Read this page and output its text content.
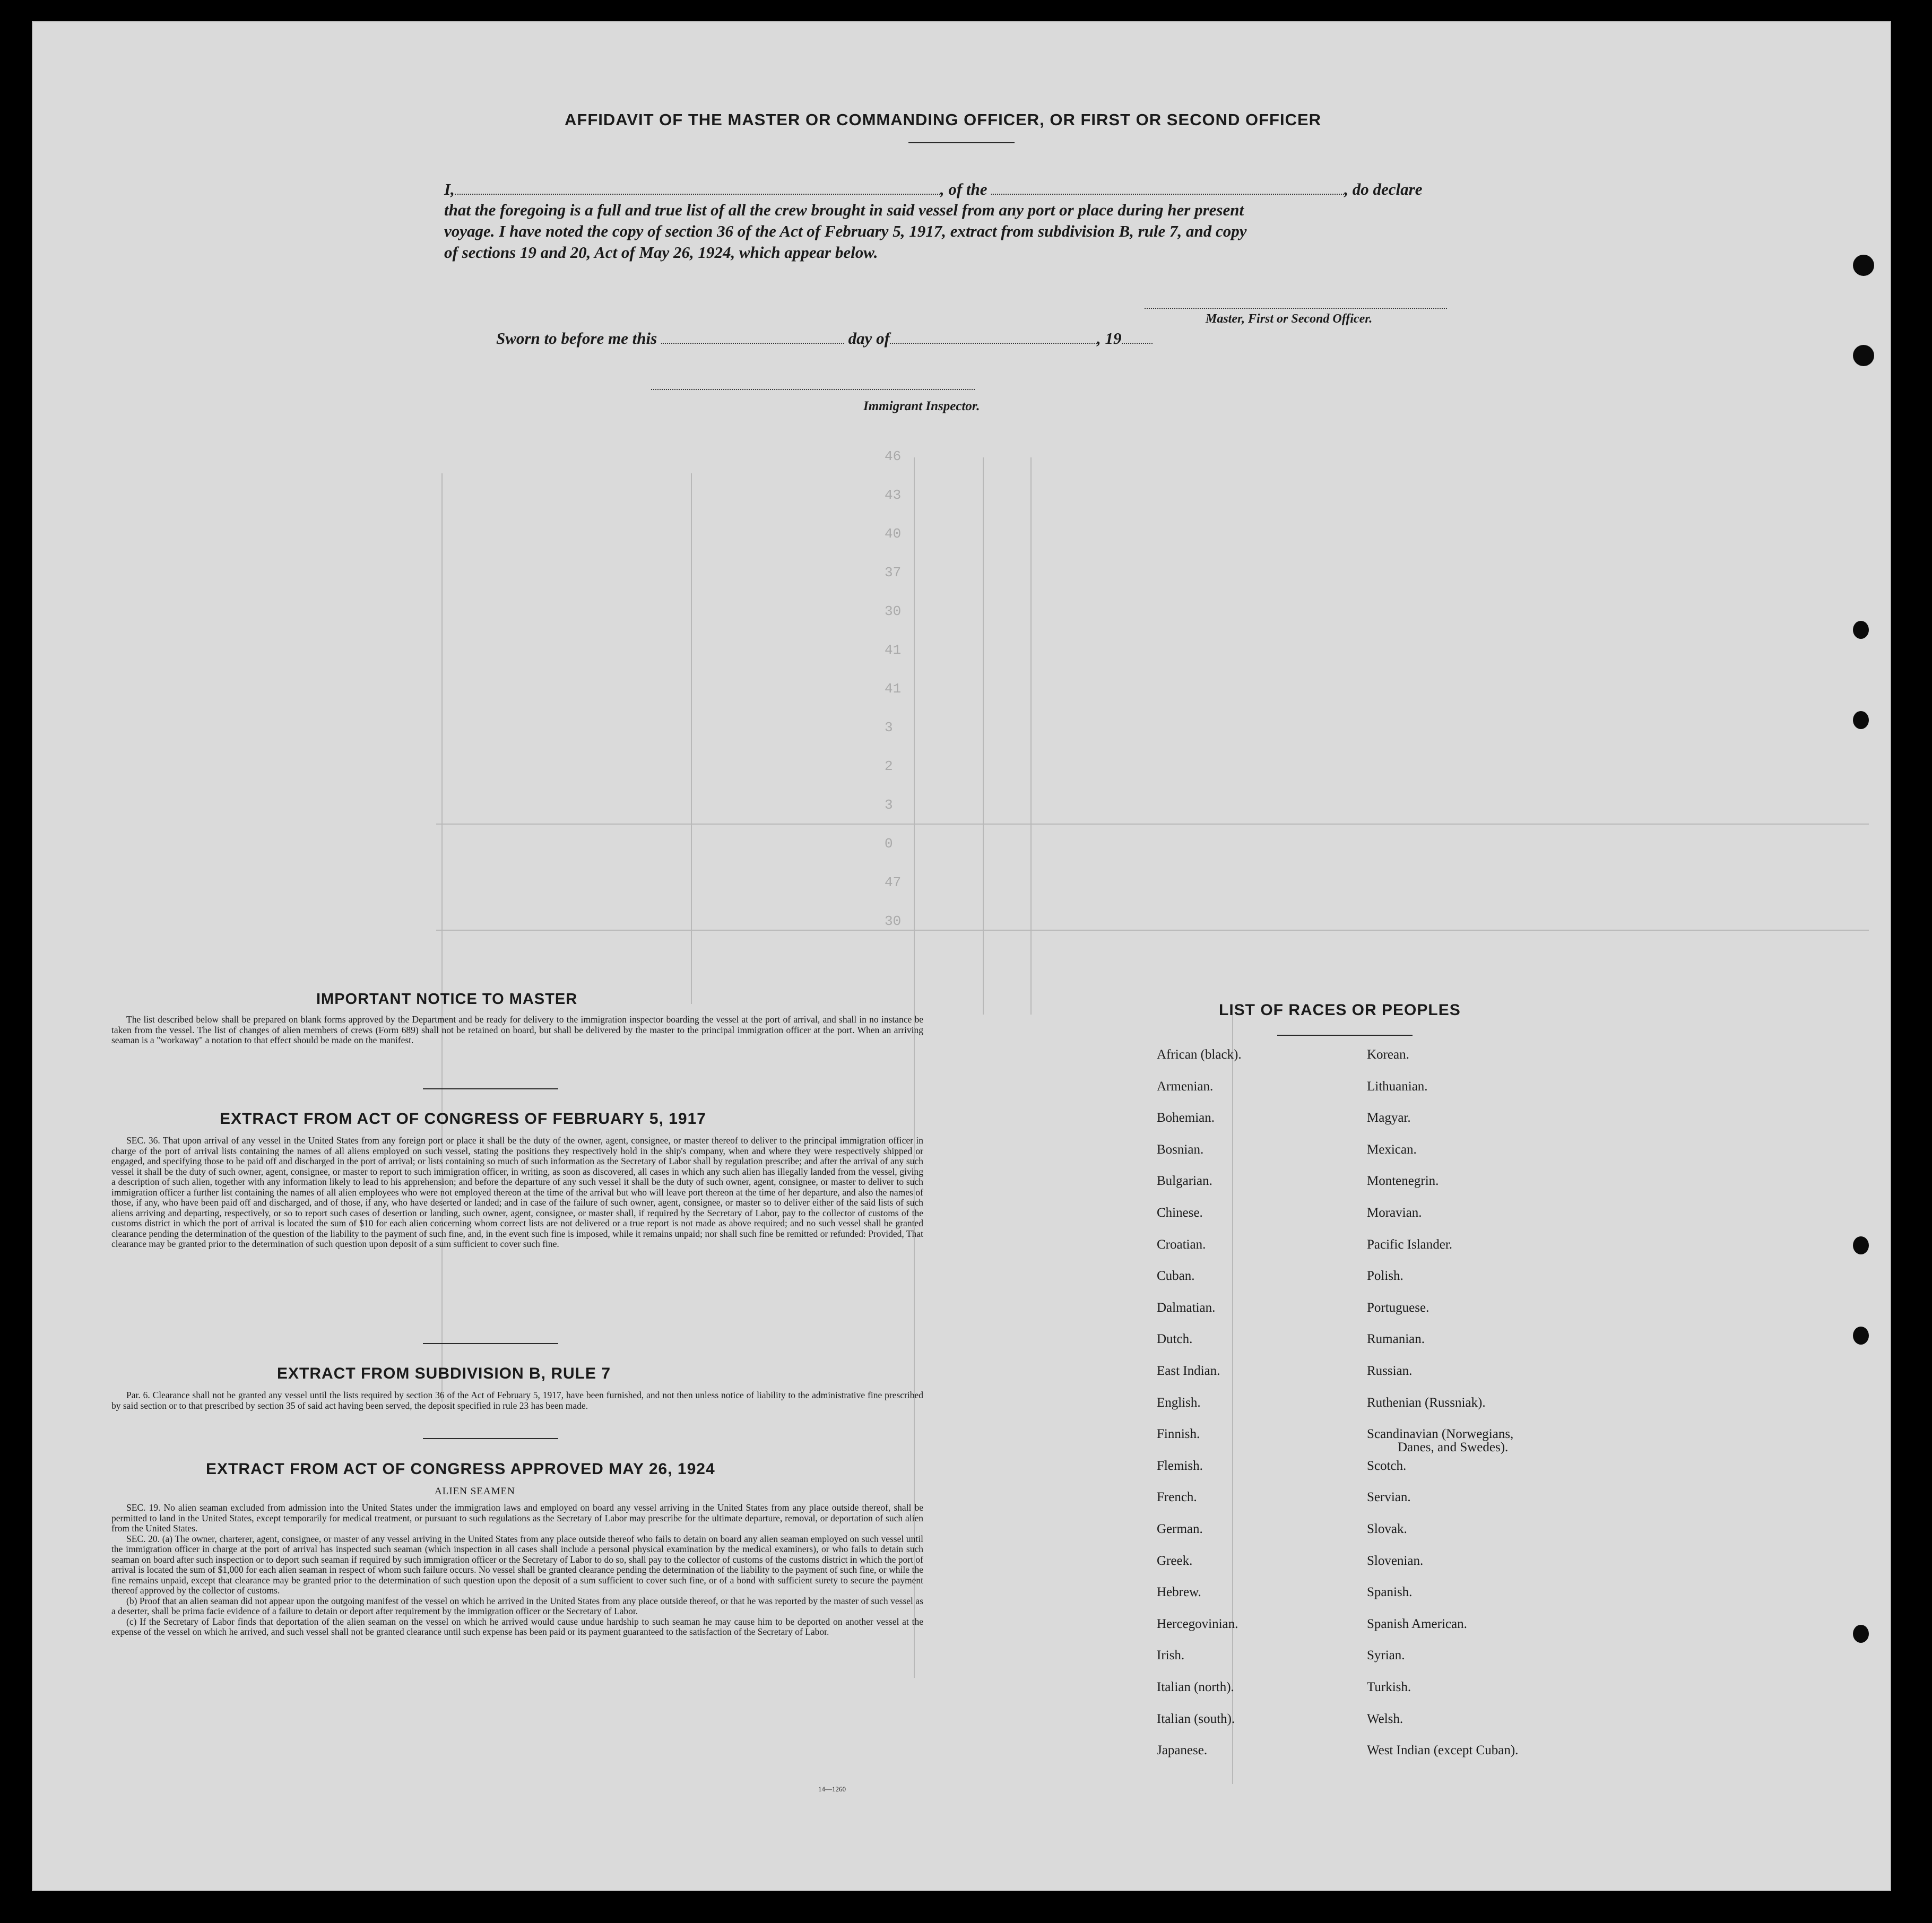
AFFIDAVIT OF THE MASTER OR COMMANDING OFFICER, OR FIRST OR SECOND OFFICER
I,	, of the	, do declare
that the foregoing is a full and true list of all the crew brought in said vessel from any port or place during her present
voyage. I have noted the copy of section 36 of the Act of February 5, 1917, extract from subdivision B, rule 7, and copy
of sections 19 and 20, Act of May 26, 1924, which appear below.
Master, First or Second Officer.
Sworn to before me this	day of	, 19
Immigrant Inspector.
46
43
40
37
30
41
41
3
2
3
0
47
30
IMPORTANT NOTICE TO MASTER

The list described below shall be prepared on blank forms approved by the Department and be ready for delivery to the immigration inspector boarding the vessel at the port of arrival, and shall in no instance be taken from the vessel. The list of changes of alien members of crews (Form 689) shall not be retained on board, but shall be delivered by the master to the principal immigration officer at the port. When an arriving seaman is a "workaway" a notation to that effect should be made on the manifest.

EXTRACT FROM ACT OF CONGRESS OF FEBRUARY 5, 1917

SEC. 36. That upon arrival of any vessel in the United States from any foreign port or place it shall be the duty of the owner, agent, consignee, or master thereof to deliver to the principal immigration officer in charge of the port of arrival lists containing the names of all aliens employed on such vessel, stating the positions they respectively hold in the ship's company, when and where they were respectively shipped or engaged, and specifying those to be paid off and discharged in the port of arrival; or lists containing so much of such information as the Secretary of Labor shall by regulation prescribe; and after the arrival of any such vessel it shall be the duty of such owner, agent, consignee, or master to report to such immigration officer, in writing, as soon as discovered, all cases in which any such alien has illegally landed from the vessel, giving a description of such alien, together with any information likely to lead to his apprehension; and before the departure of any such vessel it shall be the duty of such owner, agent, consignee, or master to deliver to such immigration officer a further list containing the names of all alien employees who were not employed thereon at the time of the arrival but who will leave port thereon at the time of her departure, and also the names of those, if any, who have been paid off and discharged, and of those, if any, who have deserted or landed; and in case of the failure of such owner, agent, consignee, or master so to deliver either of the said lists of such aliens arriving and departing, respectively, or so to report such cases of desertion or landing, such owner, agent, consignee, or master shall, if required by the Secretary of Labor, pay to the collector of customs of the customs district in which the port of arrival is located the sum of $10 for each alien concerning whom correct lists are not delivered or a true report is not made as above required; and no such vessel shall be granted clearance pending the determination of the question of the liability to the payment of such fine, and, in the event such fine is imposed, while it remains unpaid; nor shall such fine be remitted or refunded: Provided, That clearance may be granted prior to the determination of such question upon deposit of a sum sufficient to cover such fine.

EXTRACT FROM SUBDIVISION B, RULE 7

Par. 6. Clearance shall not be granted any vessel until the lists required by section 36 of the Act of February 5, 1917, have been furnished, and not then unless notice of liability to the administrative fine prescribed by said section or to that prescribed by section 35 of said act having been served, the deposit specified in rule 23 has been made.

EXTRACT FROM ACT OF CONGRESS APPROVED MAY 26, 1924
ALIEN SEAMEN

SEC. 19. No alien seaman excluded from admission into the United States under the immigration laws and employed on board any vessel arriving in the United States from any place outside thereof, shall be permitted to land in the United States, except temporarily for medical treatment, or pursuant to such regulations as the Secretary of Labor may prescribe for the ultimate departure, removal, or deportation of such alien from the United States.

SEC. 20. (a) The owner, charterer, agent, consignee, or master of any vessel arriving in the United States from any place outside thereof who fails to detain on board any alien seaman employed on such vessel until the immigration officer in charge at the port of arrival has inspected such seaman (which inspection in all cases shall include a personal physical examination by the medical examiners), or who fails to detain such seaman on board after such inspection or to deport such seaman if required by such immigration officer or the Secretary of Labor to do so, shall pay to the collector of customs of the customs district in which the port of arrival is located the sum of $1,000 for each alien seaman in respect of whom such failure occurs. No vessel shall be granted clearance pending the determination of the liability to the payment of such fine, or while the fine remains unpaid, except that clearance may be granted prior to the determination of such question upon the deposit of a sum sufficient to cover such fine, or of a bond with sufficient surety to secure the payment thereof approved by the collector of customs.

(b) Proof that an alien seaman did not appear upon the outgoing manifest of the vessel on which he arrived in the United States from any place outside thereof, or that he was reported by the master of such vessel as a deserter, shall be prima facie evidence of a failure to detain or deport after requirement by the immigration officer or the Secretary of Labor.

(c) If the Secretary of Labor finds that deportation of the alien seaman on the vessel on which he arrived would cause undue hardship to such seaman he may cause him to be deported on another vessel at the expense of the vessel on which he arrived, and such vessel shall not be granted clearance until such expense has been paid or its payment guaranteed to the satisfaction of the Secretary of Labor.

14—1260
LIST OF RACES OR PEOPLES
African (black).
Armenian.
Bohemian.
Bosnian.
Bulgarian.
Chinese.
Croatian.
Cuban.
Dalmatian.
Dutch.
East Indian.
English.
Finnish.
Flemish.
French.
German.
Greek.
Hebrew.
Hercegovinian.
Irish.
Italian (north).
Italian (south).
Japanese.
Korean.
Lithuanian.
Magyar.
Mexican.
Montenegrin.
Moravian.
Pacific Islander.
Polish.
Portuguese.
Rumanian.
Russian.
Ruthenian (Russniak).
Scandinavian (Norwegians,
Danes, and Swedes).
Scotch.
Servian.
Slovak.
Slovenian.
Spanish.
Spanish American.
Syrian.
Turkish.
Welsh.
West Indian (except Cuban).
